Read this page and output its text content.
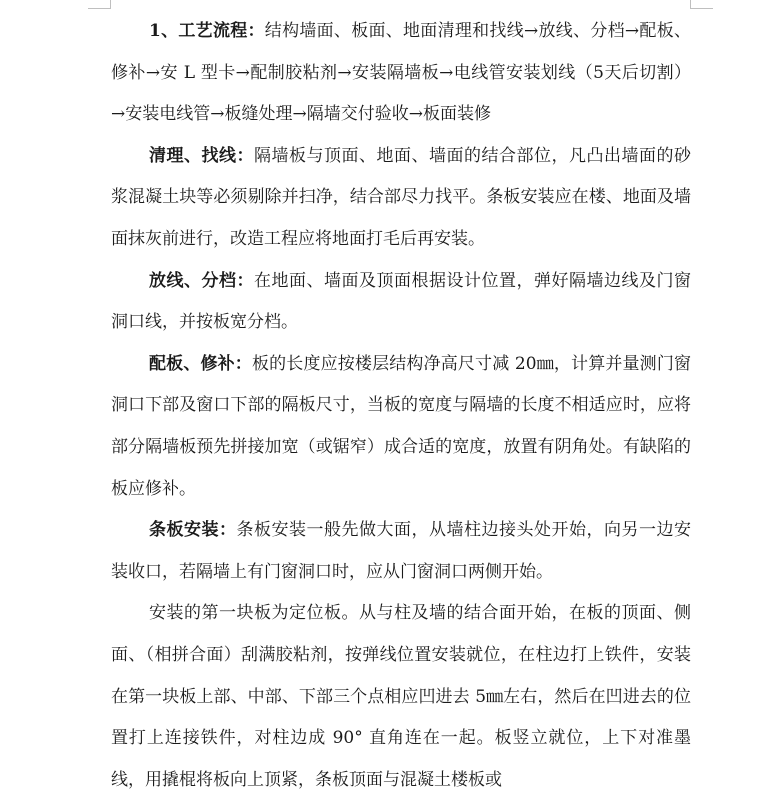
1、工艺流程：结构墙面、板面、地面清理和找线→放线、分档→配板、修补→安 L 型卡→配制胶粘剂→安装隔墙板→电线管安装划线（5天后切割）→安装电线管→板缝处理→隔墙交付验收→板面装修

清理、找线：隔墙板与顶面、地面、墙面的结合部位，凡凸出墙面的砂浆混凝土块等必须剔除并扫净，结合部尽力找平。条板安装应在楼、地面及墙面抹灰前进行，改造工程应将地面打毛后再安装。

放线、分档：在地面、墙面及顶面根据设计位置，弹好隔墙边线及门窗洞口线，并按板宽分档。

配板、修补：板的长度应按楼层结构净高尺寸减 20㎜，计算并量测门窗洞口下部及窗口下部的隔板尺寸，当板的宽度与隔墙的长度不相适应时，应将部分隔墙板预先拼接加宽（或锯窄）成合适的宽度，放置有阴角处。有缺陷的板应修补。

条板安装：条板安装一般先做大面，从墙柱边接头处开始，向另一边安装收口，若隔墙上有门窗洞口时，应从门窗洞口两侧开始。

安装的第一块板为定位板。从与柱及墙的结合面开始，在板的顶面、侧面、（相拼合面）刮满胶粘剂，按弹线位置安装就位，在柱边打上铁件，安装在第一块板上部、中部、下部三个点相应凹进去 5㎜左右，然后在凹进去的位置打上连接铁件，对柱边成 90° 直角连在一起。板竖立就位，上下对准墨线，用撬棍将板向上顶紧，条板顶面与混凝土楼板或
